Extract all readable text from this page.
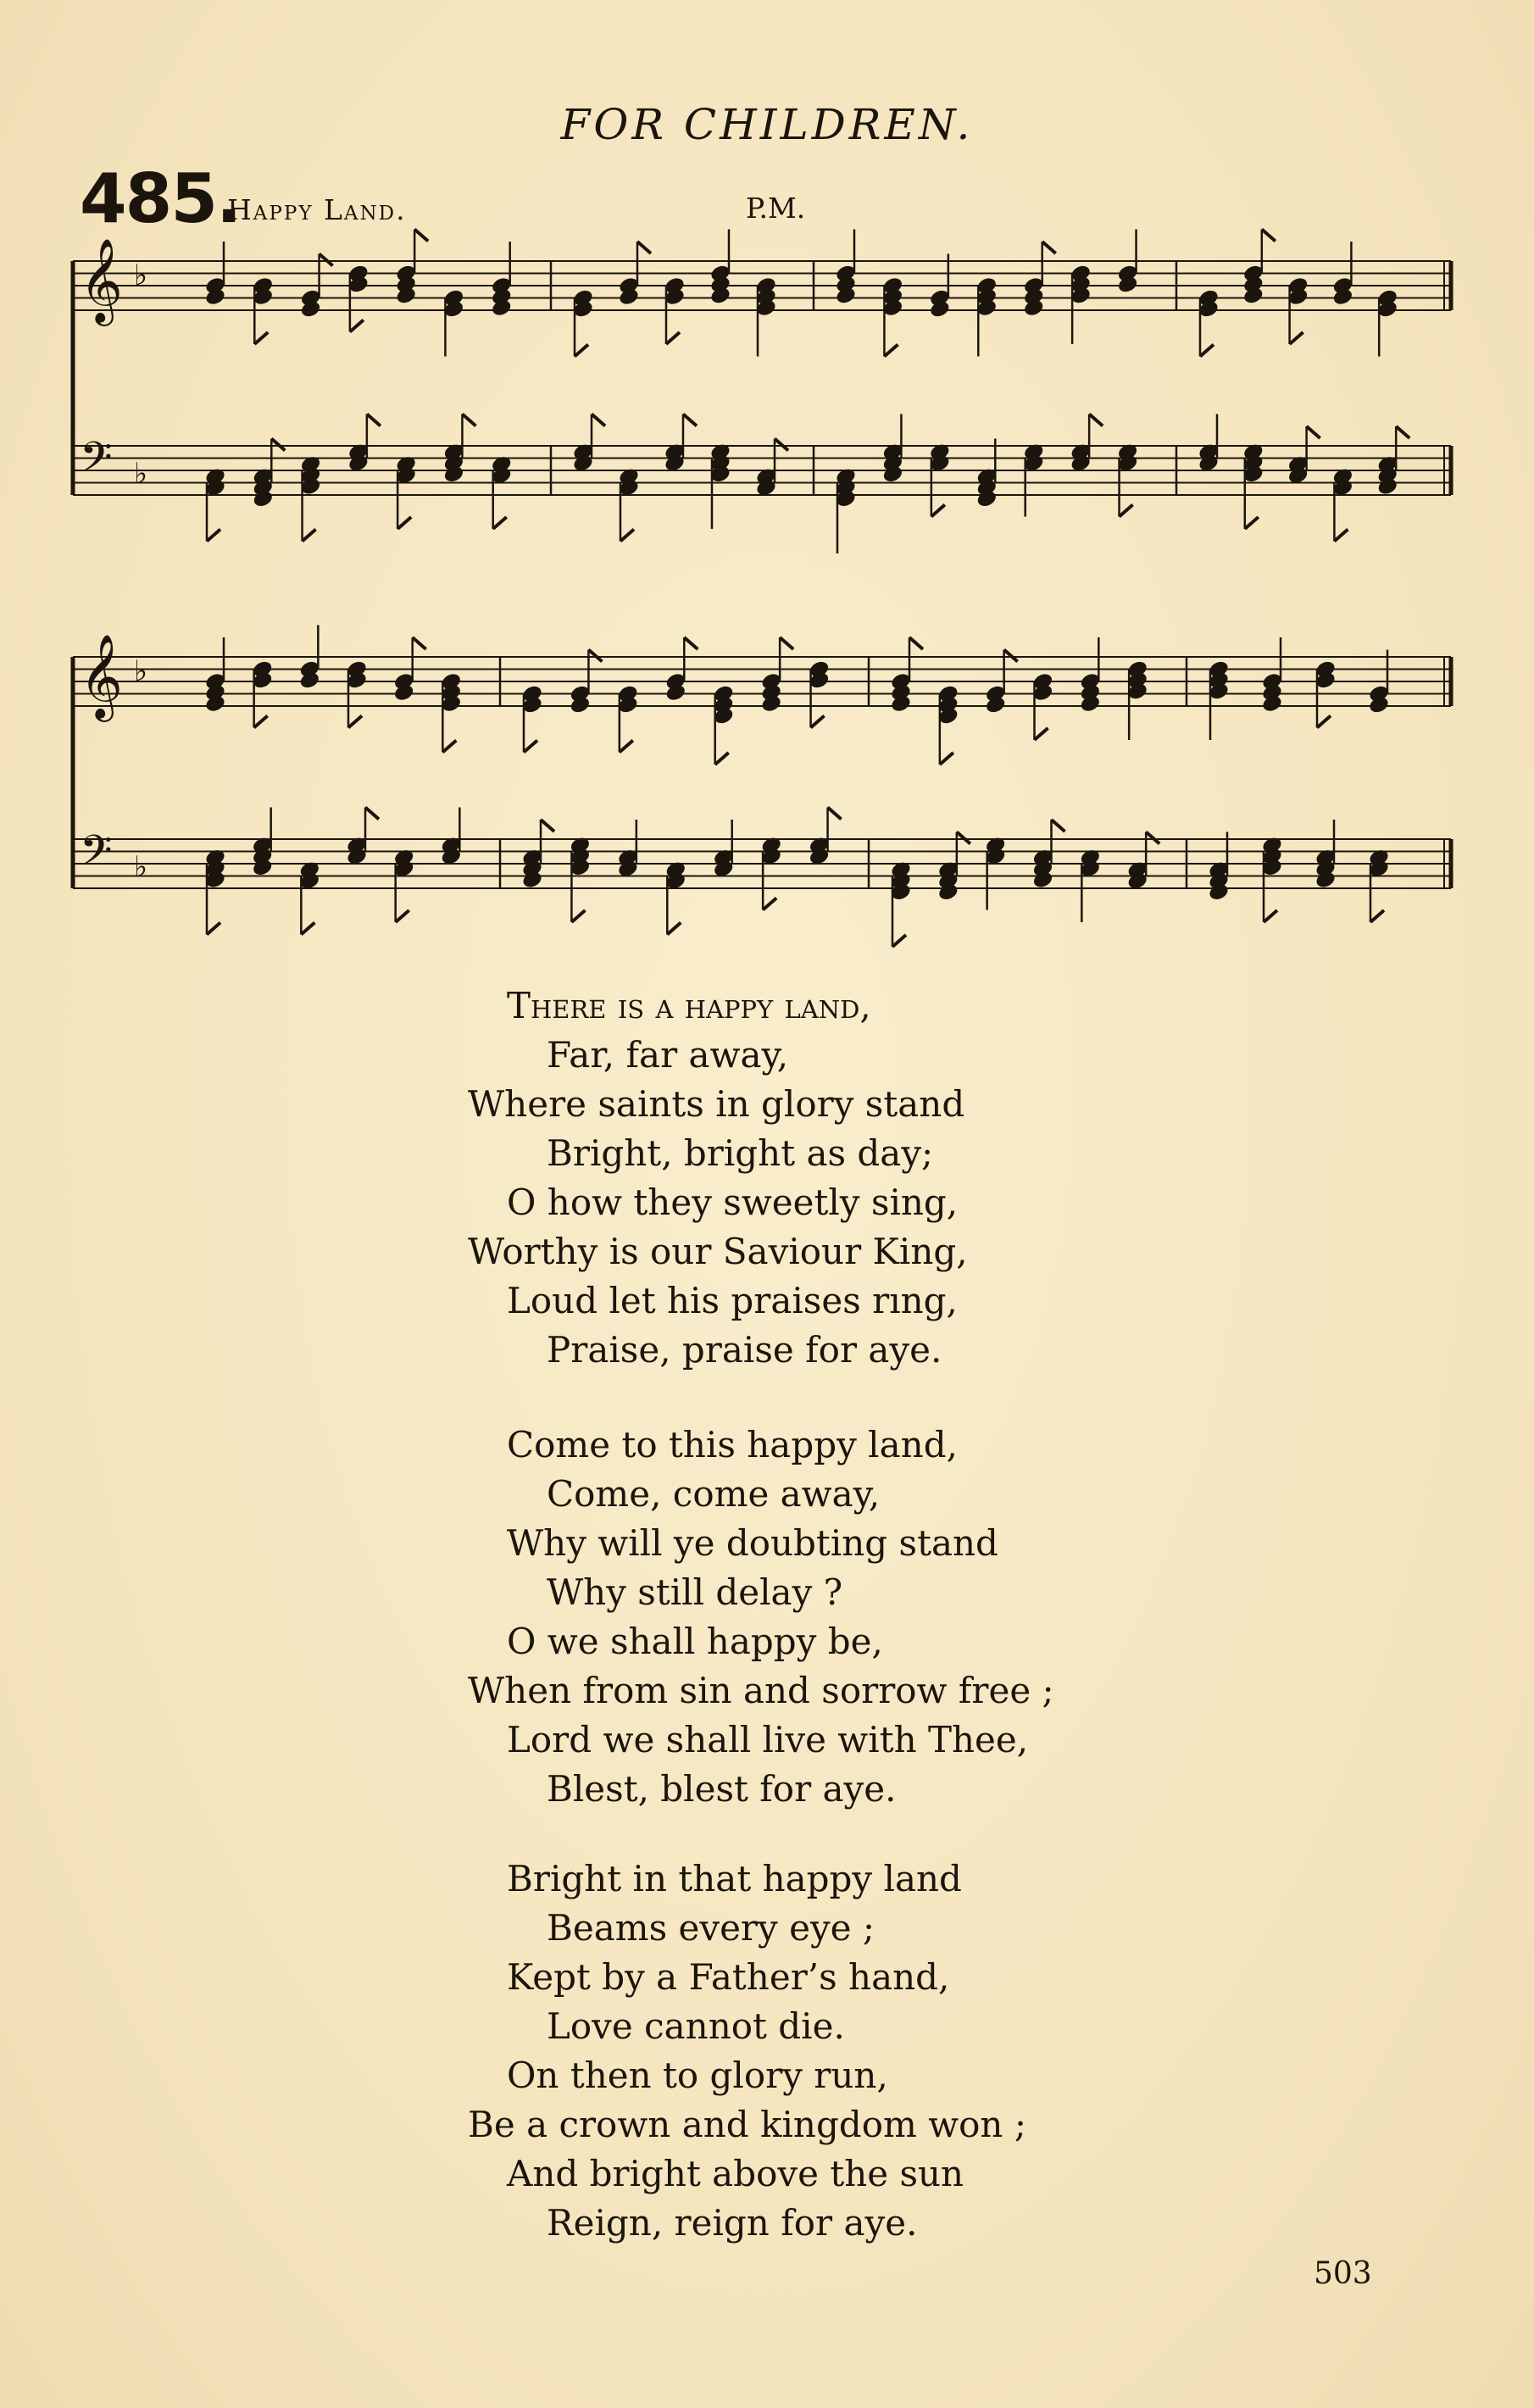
FOR CHILDREN.
485.
Happy Land.	P.M.
𝄞 ♭
𝄢 ♭
𝄞 ♭
𝄢 ♭
There is a happy land,
Far, far away,
Where saints in glory stand
Bright, bright as day;
O how they sweetly sing,
Worthy is our Saviour King,
Loud let his praises rıng,
Praise, praise for aye.
Come to this happy land,
Come, come away,
Why will ye doubting stand
Why still delay ?
O we shall happy be,
When from sin and sorrow free ;
Lord we shall live with Thee,
Blest, blest for aye.
Bright in that happy land
Beams every eye ;
Kept by a Father’s hand,
Love cannot die.
On then to glory run,
Be a crown and kingdom won ;
And bright above the sun
Reign, reign for aye.
503
